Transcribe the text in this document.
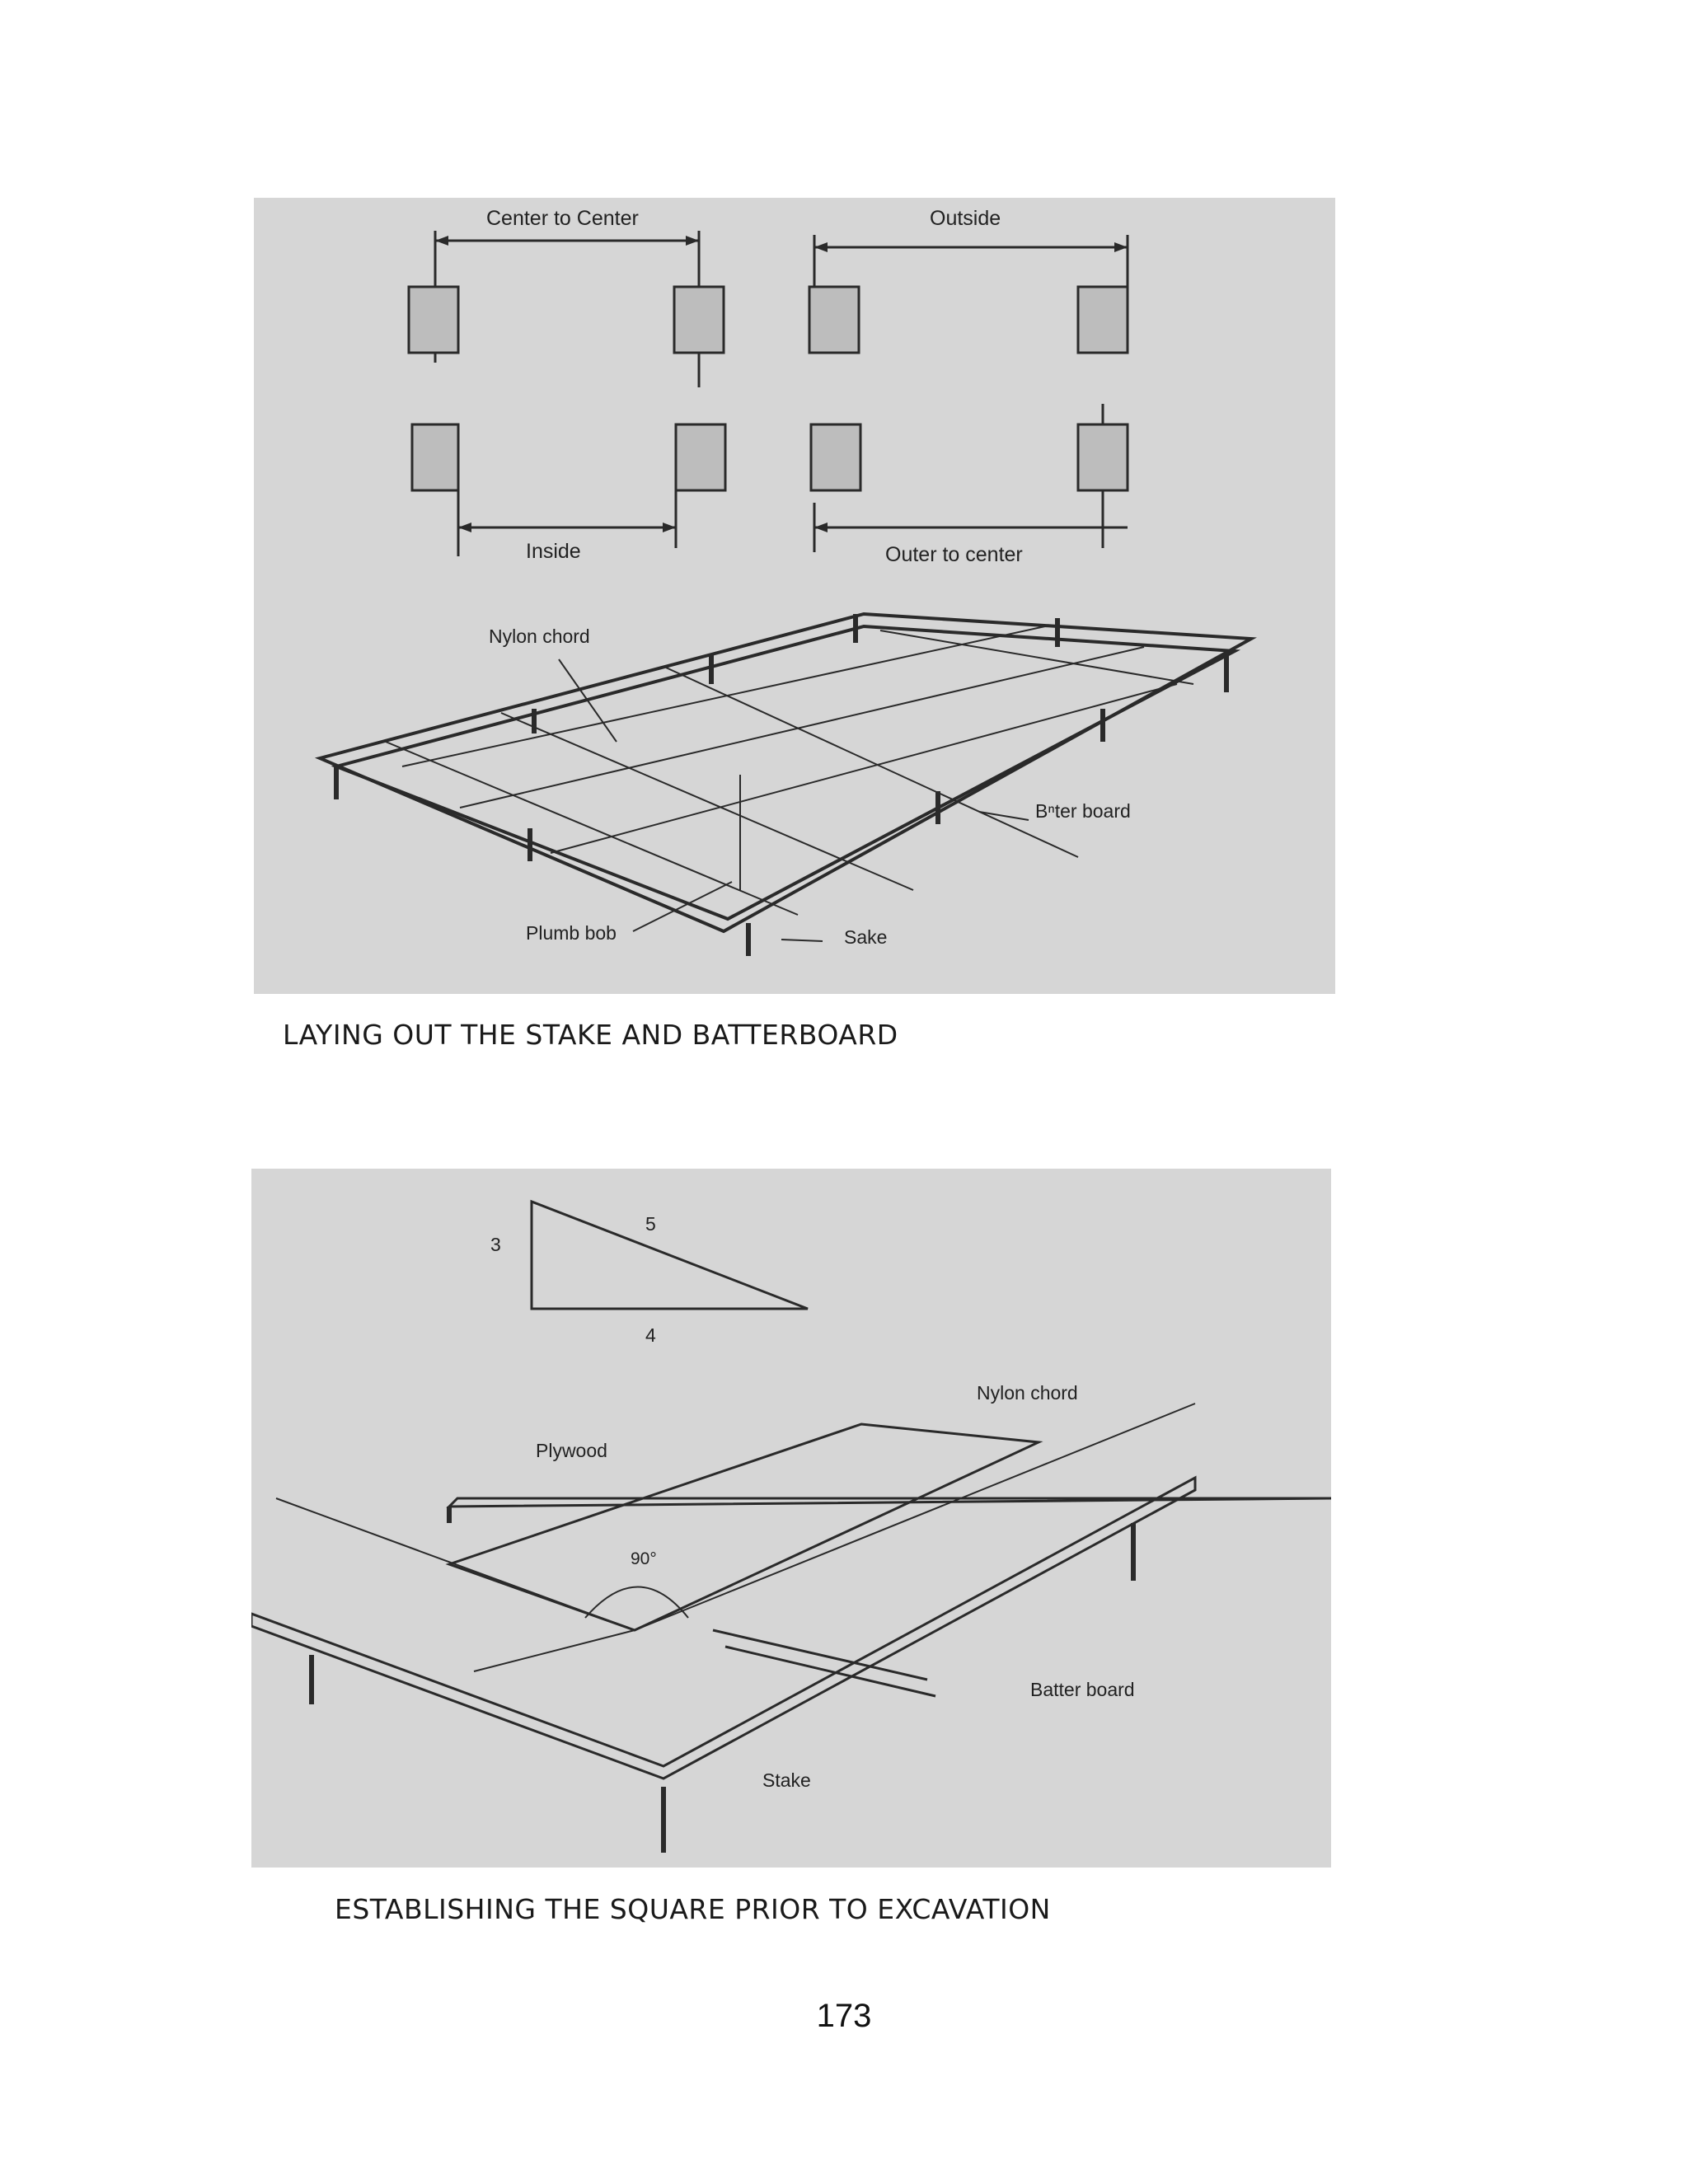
Center to Center	Outside
Inside	Outer to center
Nylon chord
Bⁿter board
Plumb bob	Sake
LAYING OUT THE STAKE AND BATTERBOARD
3
4
5
Nylon chord
Plywood
90°
Batter board
Stake
ESTABLISHING THE SQUARE PRIOR TO EXCAVATION
173
